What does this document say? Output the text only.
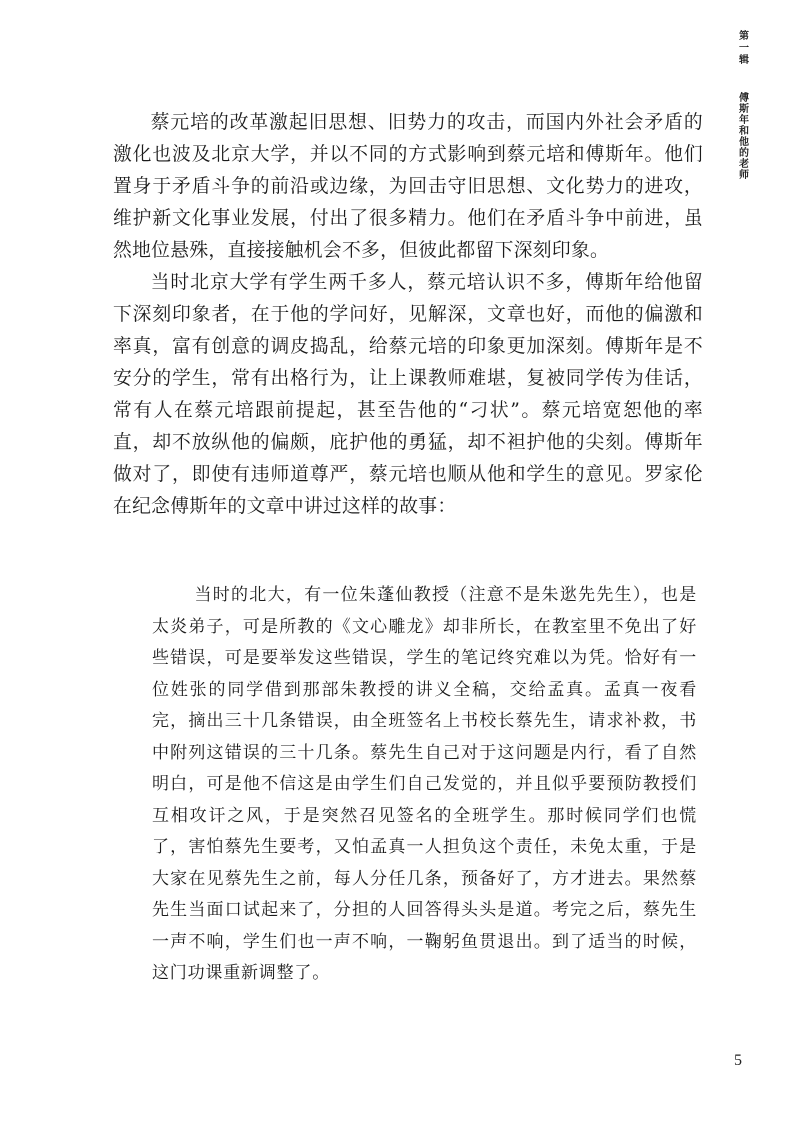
第一辑
傅斯年和他的老师

蔡元培的改革激起旧思想、旧势力的攻击，而国内外社会矛盾的激化也波及北京大学，并以不同的方式影响到蔡元培和傅斯年。他们置身于矛盾斗争的前沿或边缘，为回击守旧思想、文化势力的进攻，维护新文化事业发展，付出了很多精力。他们在矛盾斗争中前进，虽然地位悬殊，直接接触机会不多，但彼此都留下深刻印象。

当时北京大学有学生两千多人，蔡元培认识不多，傅斯年给他留下深刻印象者，在于他的学问好，见解深，文章也好，而他的偏激和率真，富有创意的调皮捣乱，给蔡元培的印象更加深刻。傅斯年是不安分的学生，常有出格行为，让上课教师难堪，复被同学传为佳话，常有人在蔡元培跟前提起，甚至告他的“刁状”。蔡元培宽恕他的率直，却不放纵他的偏颇，庇护他的勇猛，却不袒护他的尖刻。傅斯年做对了，即使有违师道尊严，蔡元培也顺从他和学生的意见。罗家伦在纪念傅斯年的文章中讲过这样的故事：

当时的北大，有一位朱蓬仙教授（注意不是朱逖先先生），也是太炎弟子，可是所教的《文心雕龙》却非所长，在教室里不免出了好些错误，可是要举发这些错误，学生的笔记终究难以为凭。恰好有一位姓张的同学借到那部朱教授的讲义全稿，交给孟真。孟真一夜看完，摘出三十几条错误，由全班签名上书校长蔡先生，请求补救，书中附列这错误的三十几条。蔡先生自己对于这问题是内行，看了自然明白，可是他不信这是由学生们自己发觉的，并且似乎要预防教授们互相攻讦之风，于是突然召见签名的全班学生。那时候同学们也慌了，害怕蔡先生要考，又怕孟真一人担负这个责任，未免太重，于是大家在见蔡先生之前，每人分任几条，预备好了，方才进去。果然蔡先生当面口试起来了，分担的人回答得头头是道。考完之后，蔡先生一声不响，学生们也一声不响，一鞠躬鱼贯退出。到了适当的时候，这门功课重新调整了。

5
